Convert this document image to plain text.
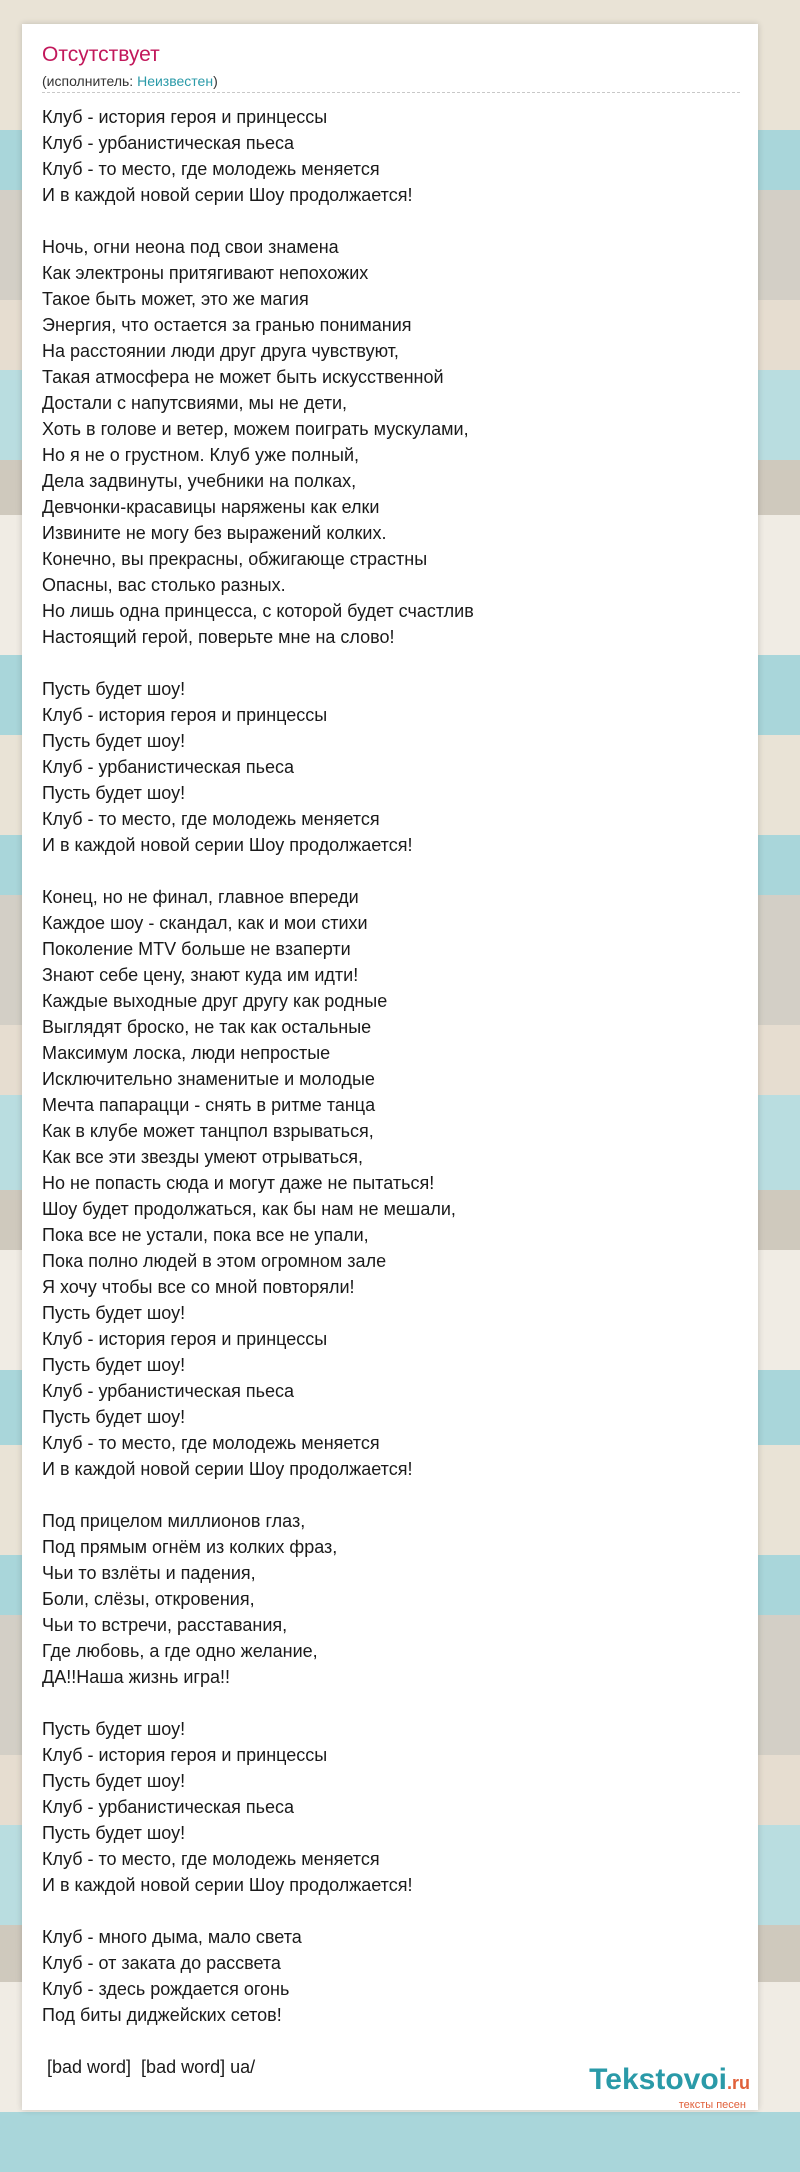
Отсутствует
(исполнитель: Неизвестен)
Клуб - история героя и принцессы
Клуб - урбанистическая пьеса
Клуб - то место, где молодежь меняется
И в каждой новой серии Шоу продолжается!
Ночь, огни неона под свои знамена
Как электроны притягивают непохожих
Такое быть может, это же магия
Энергия, что остается за гранью понимания
На расстоянии люди друг друга чувствуют,
Такая атмосфера не может быть искусственной
Достали с напутсвиями, мы не дети,
Хоть в голове и ветер, можем поиграть мускулами,
Но я не о грустном. Клуб уже полный,
Дела задвинуты, учебники на полках,
Девчонки-красавицы наряжены как елки
Извините не могу без выражений колких.
Конечно, вы прекрасны, обжигающе страстны
Опасны, вас столько разных.
Но лишь одна принцесса, с которой будет счастлив
Настоящий герой, поверьте мне на слово!
Пусть будет шоу!
Клуб - история героя и принцессы
Пусть будет шоу!
Клуб - урбанистическая пьеса
Пусть будет шоу!
Клуб - то место, где молодежь меняется
И в каждой новой серии Шоу продолжается!
Конец, но не финал, главное впереди
Каждое шоу - скандал, как и мои стихи
Поколение MTV больше не взаперти
Знают себе цену, знают куда им идти!
Каждые выходные друг другу как родные
Выглядят броско, не так как остальные
Максимум лоска, люди непростые
Исключительно знаменитые и молодые
Мечта папарацци - снять в ритме танца
Как в клубе может танцпол взрываться,
Как все эти звезды умеют отрываться,
Но не попасть сюда и могут даже не пытаться!
Шоу будет продолжаться, как бы нам не мешали,
Пока все не устали, пока все не упали,
Пока полно людей в этом огромном зале
Я хочу чтобы все со мной повторяли!
Пусть будет шоу!
Клуб - история героя и принцессы
Пусть будет шоу!
Клуб - урбанистическая пьеса
Пусть будет шоу!
Клуб - то место, где молодежь меняется
И в каждой новой серии Шоу продолжается!
Под прицелом миллионов глаз,
Под прямым огнём из колких фраз,
Чьи то взлёты и падения,
Боли, слёзы, откровения,
Чьи то встречи, расставания,
Где любовь, а где одно желание,
ДА!!Наша жизнь игра!!
Пусть будет шоу!
Клуб - история героя и принцессы
Пусть будет шоу!
Клуб - урбанистическая пьеса
Пусть будет шоу!
Клуб - то место, где молодежь меняется
И в каждой новой серии Шоу продолжается!
Клуб - много дыма, мало света
Клуб - от заката до рассвета
Клуб - здесь рождается огонь
Под биты диджейских сетов!
[bad word]  [bad word] ua/	Tekstovoi.ru
тексты песен
